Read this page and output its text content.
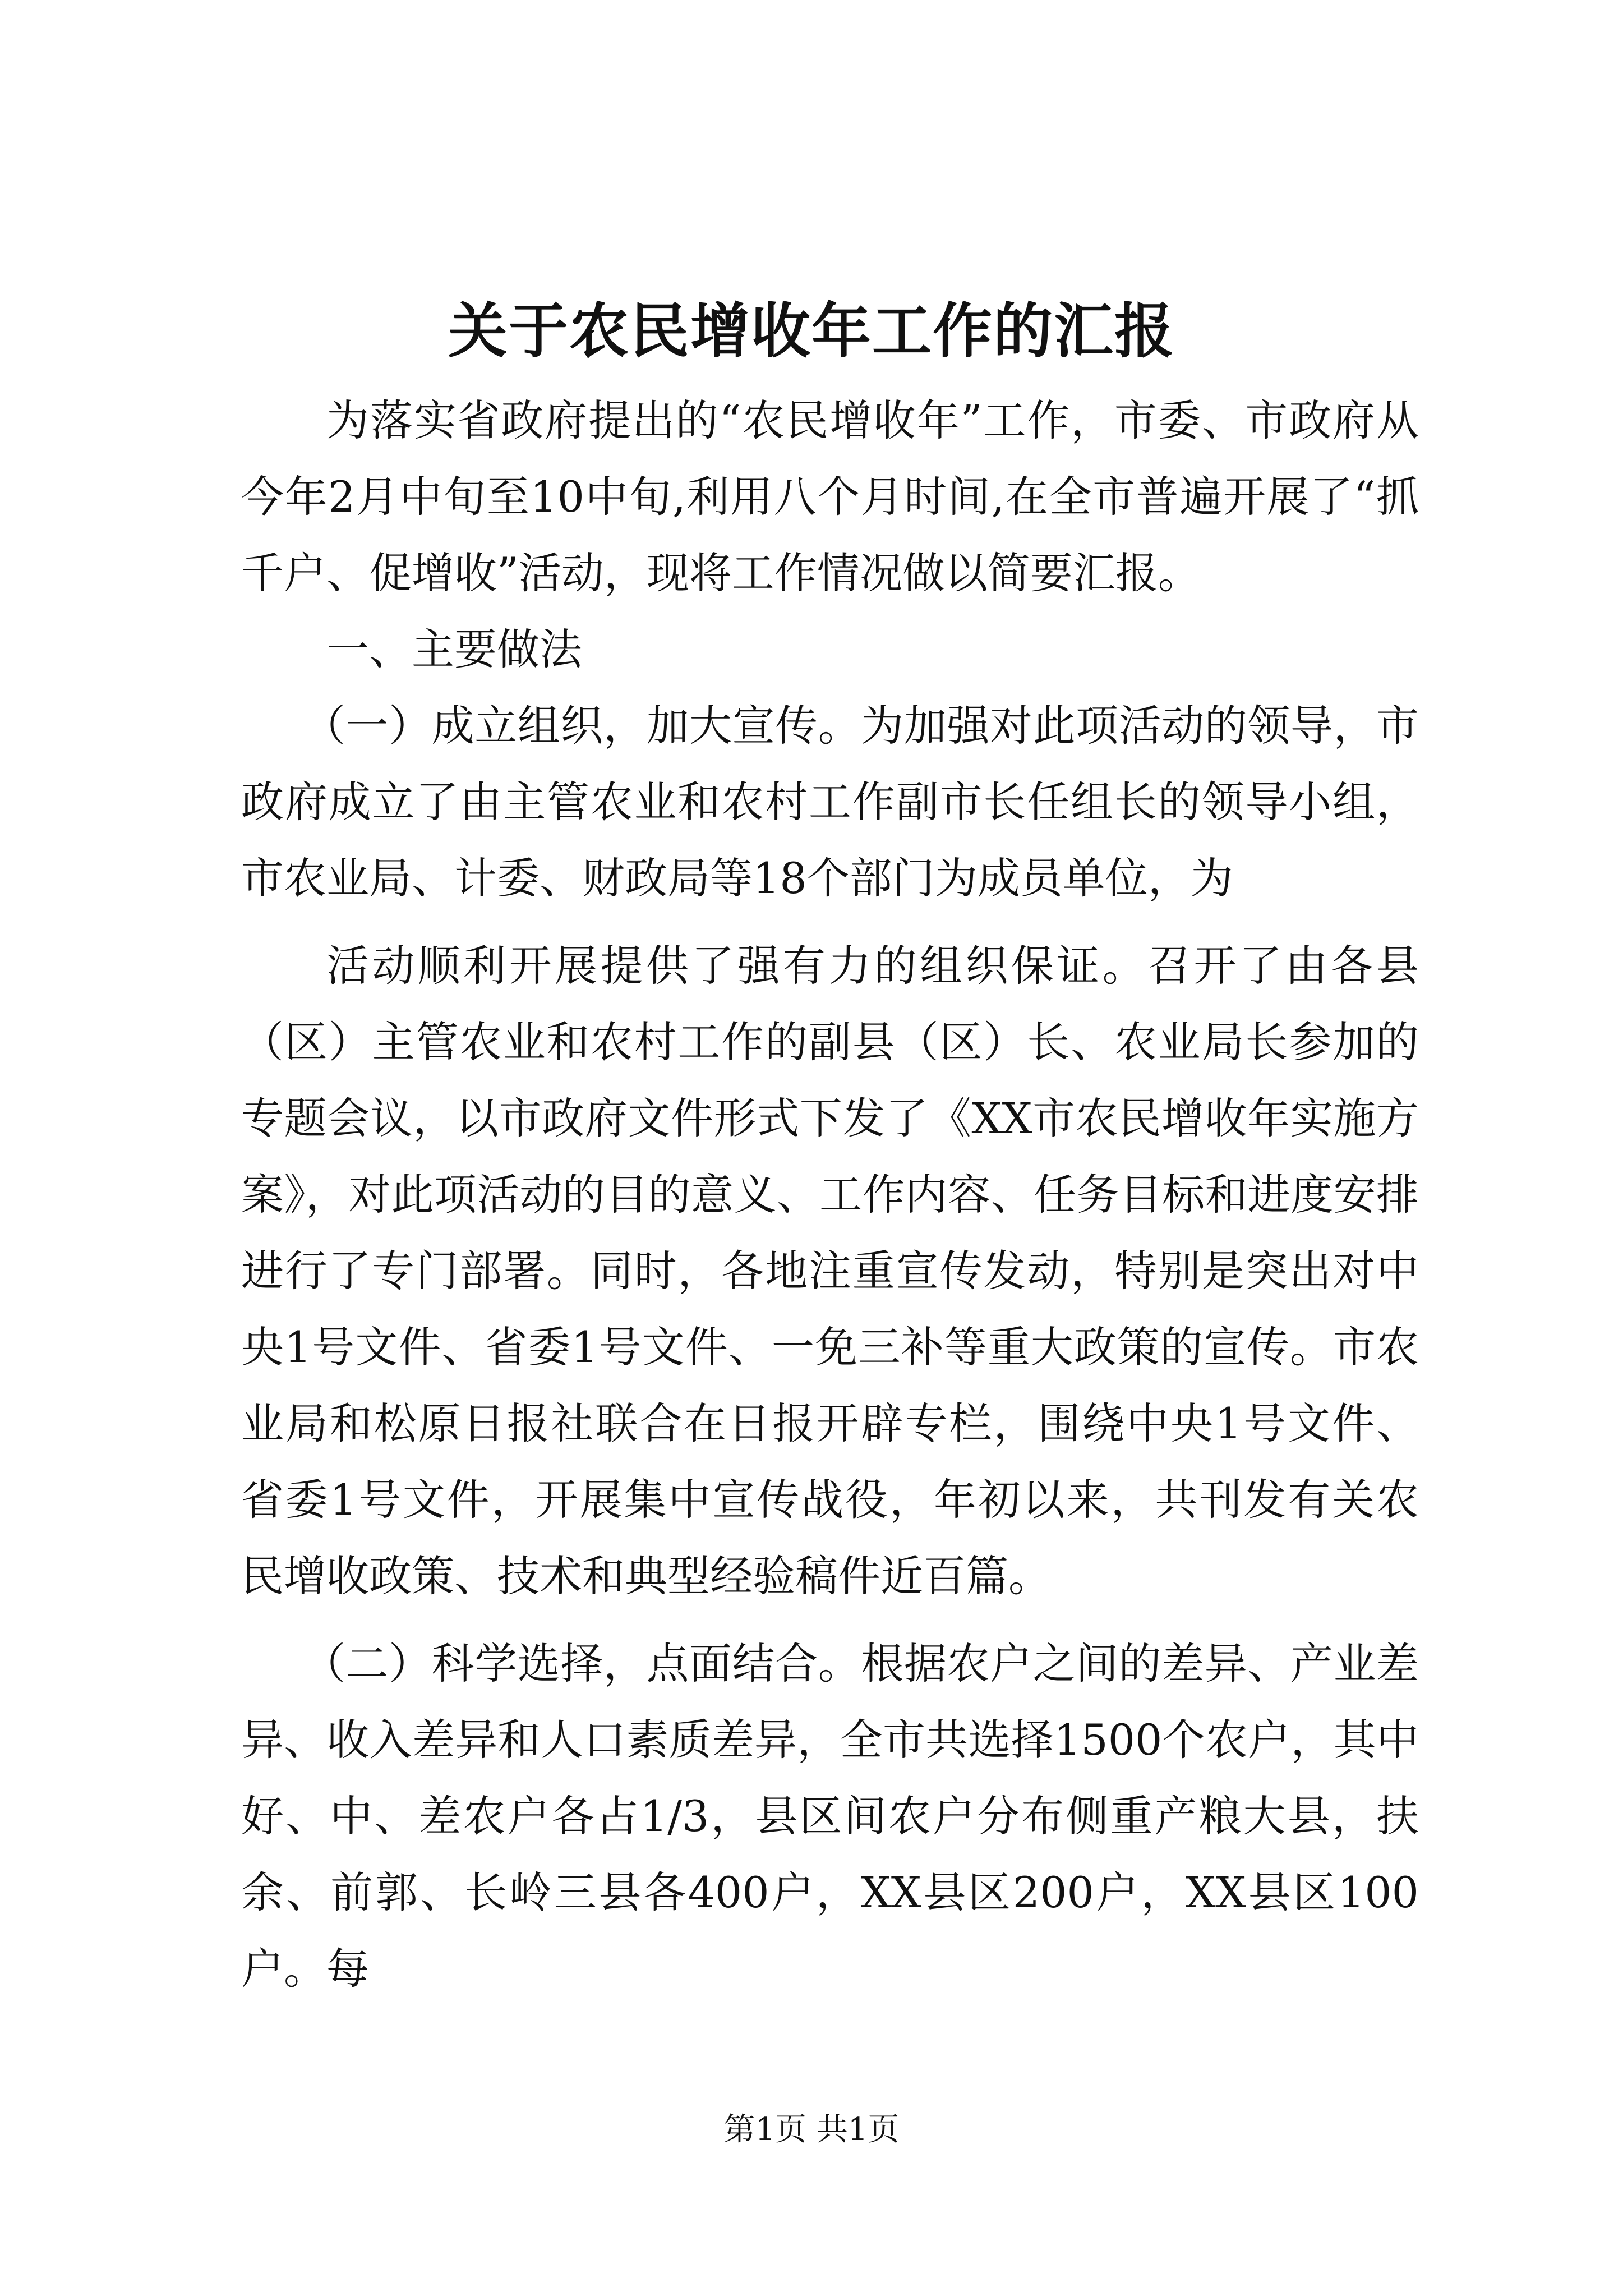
关于农民增收年工作的汇报

为落实省政府提出的“农民增收年”工作，市委、市政府从今年2月中旬至10中旬,利用八个月时间,在全市普遍开展了“抓千户、促增收”活动，现将工作情况做以简要汇报。

一、主要做法

（一）成立组织，加大宣传。为加强对此项活动的领导，市政府成立了由主管农业和农村工作副市长任组长的领导小组，市农业局、计委、财政局等18个部门为成员单位，为

活动顺利开展提供了强有力的组织保证。召开了由各县（区）主管农业和农村工作的副县（区）长、农业局长参加的专题会议，以市政府文件形式下发了《XX市农民增收年实施方案》，对此项活动的目的意义、工作内容、任务目标和进度安排进行了专门部署。同时，各地注重宣传发动，特别是突出对中央1号文件、省委1号文件、一免三补等重大政策的宣传。市农业局和松原日报社联合在日报开辟专栏，围绕中央1号文件、省委1号文件，开展集中宣传战役，年初以来，共刊发有关农民增收政策、技术和典型经验稿件近百篇。

（二）科学选择，点面结合。根据农户之间的差异、产业差异、收入差异和人口素质差异，全市共选择1500个农户，其中好、中、差农户各占1/3，县区间农户分布侧重产粮大县，扶余、前郭、长岭三县各400户，XX县区200户，XX县区100户。每

第1页 共1页
